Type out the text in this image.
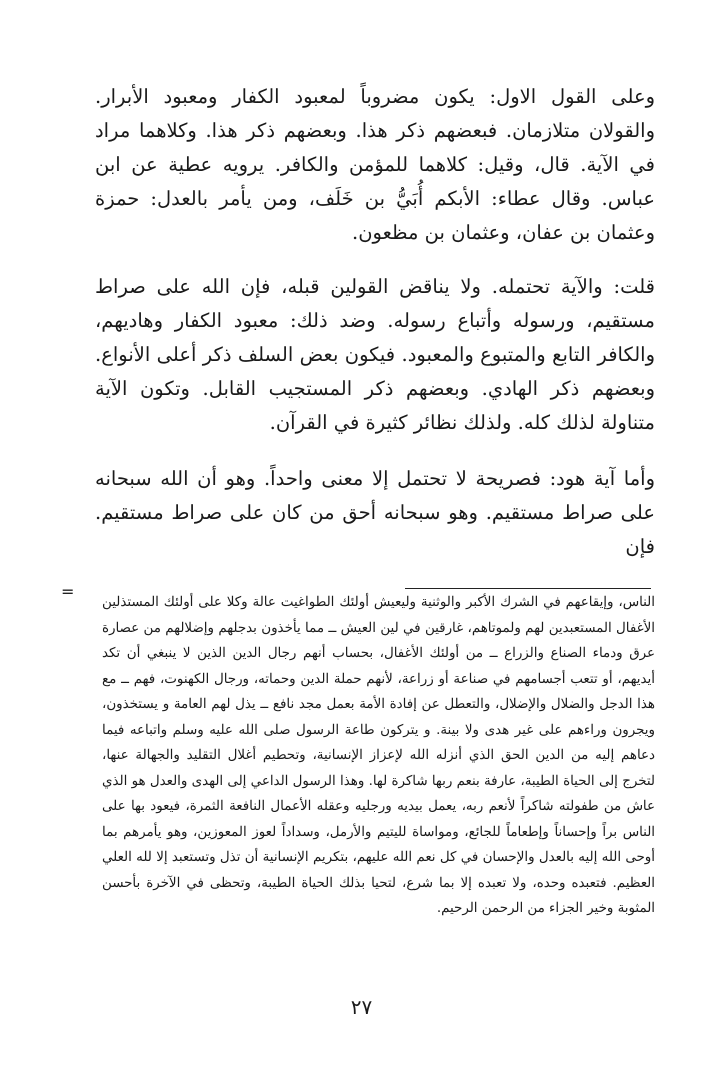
وعلى القول الاول: يكون مضروباً لمعبود الكفار ومعبود الأبرار. والقولان متلازمان. فبعضهم ذكر هذا. وبعضهم ذكر هذا. وكلاهما مراد في الآية. قال، وقيل: كلاهما للمؤمن والكافر. يرويه عطية عن ابن عباس. وقال عطاء: الأبكم أُبَيُّ بن خَلَف، ومن يأمر بالعدل: حمزة وعثمان بن عفان، وعثمان بن مظعون.

قلت: والآية تحتمله. ولا يناقض القولين قبله، فإن الله على صراط مستقيم، ورسوله وأتباع رسوله. وضد ذلك: معبود الكفار وهاديهم، والكافر التابع والمتبوع والمعبود. فيكون بعض السلف ذكر أعلى الأنواع. وبعضهم ذكر الهادي. وبعضهم ذكر المستجيب القابل. وتكون الآية متناولة لذلك كله. ولذلك نظائر كثيرة في القرآن.

وأما آية هود: فصريحة لا تحتمل إلا معنى واحداً. وهو أن الله سبحانه على صراط مستقيم. وهو سبحانه أحق من كان على صراط مستقيم. فإن

=

الناس، وإيقاعهم في الشرك الأكبر والوثنية وليعيش أولئك الطواغيت عالة وكلا على أولئك المستذلين الأغفال المستعبدين لهم ولموتاهم، غارقين في لين العيش ــ مما يأخذون بدجلهم وإضلالهم من عصارة عرق ودماء الصناع والزراع ــ من أولئك الأغفال، بحساب أنهم رجال الدين الذين لا ينبغي أن تكد أيديهم، أو تتعب أجسامهم في صناعة أو زراعة، لأنهم حملة الدين وحماته، ورجال الكهنوت، فهم ــ مع هذا الدجل والضلال والإضلال، والتعطل عن إفادة الأمة بعمل مجد نافع ــ يذل لهم العامة و يستخذون، ويجرون وراءهم على غير هدى ولا بينة. و يتركون طاعة الرسول صلى الله عليه وسلم واتباعه فيما دعاهم إليه من الدين الحق الذي أنزله الله لإعزاز الإنسانية، وتحطيم أغلال التقليد والجهالة عنها، لتخرج إلى الحياة الطيبة، عارفة بنعم ربها شاكرة لها. وهذا الرسول الداعي إلى الهدى والعدل هو الذي عاش من طفولته شاكراً لأنعم ربه، يعمل بيديه ورجليه وعقله الأعمال النافعة الثمرة، فيعود بها على الناس براً وإحساناً وإطعاماً للجائع، ومواساة لليتيم والأرمل، وسداداً لعوز المعوزين، وهو يأمرهم بما أوحى الله إليه بالعدل والإحسان في كل نعم الله عليهم، بتكريم الإنسانية أن تذل وتستعبد إلا لله العلي العظيم. فتعبده وحده، ولا تعبده إلا بما شرع، لتحيا بذلك الحياة الطيبة، وتحظى في الآخرة بأحسن المثوبة وخير الجزاء من الرحمن الرحيم.

٢٧
